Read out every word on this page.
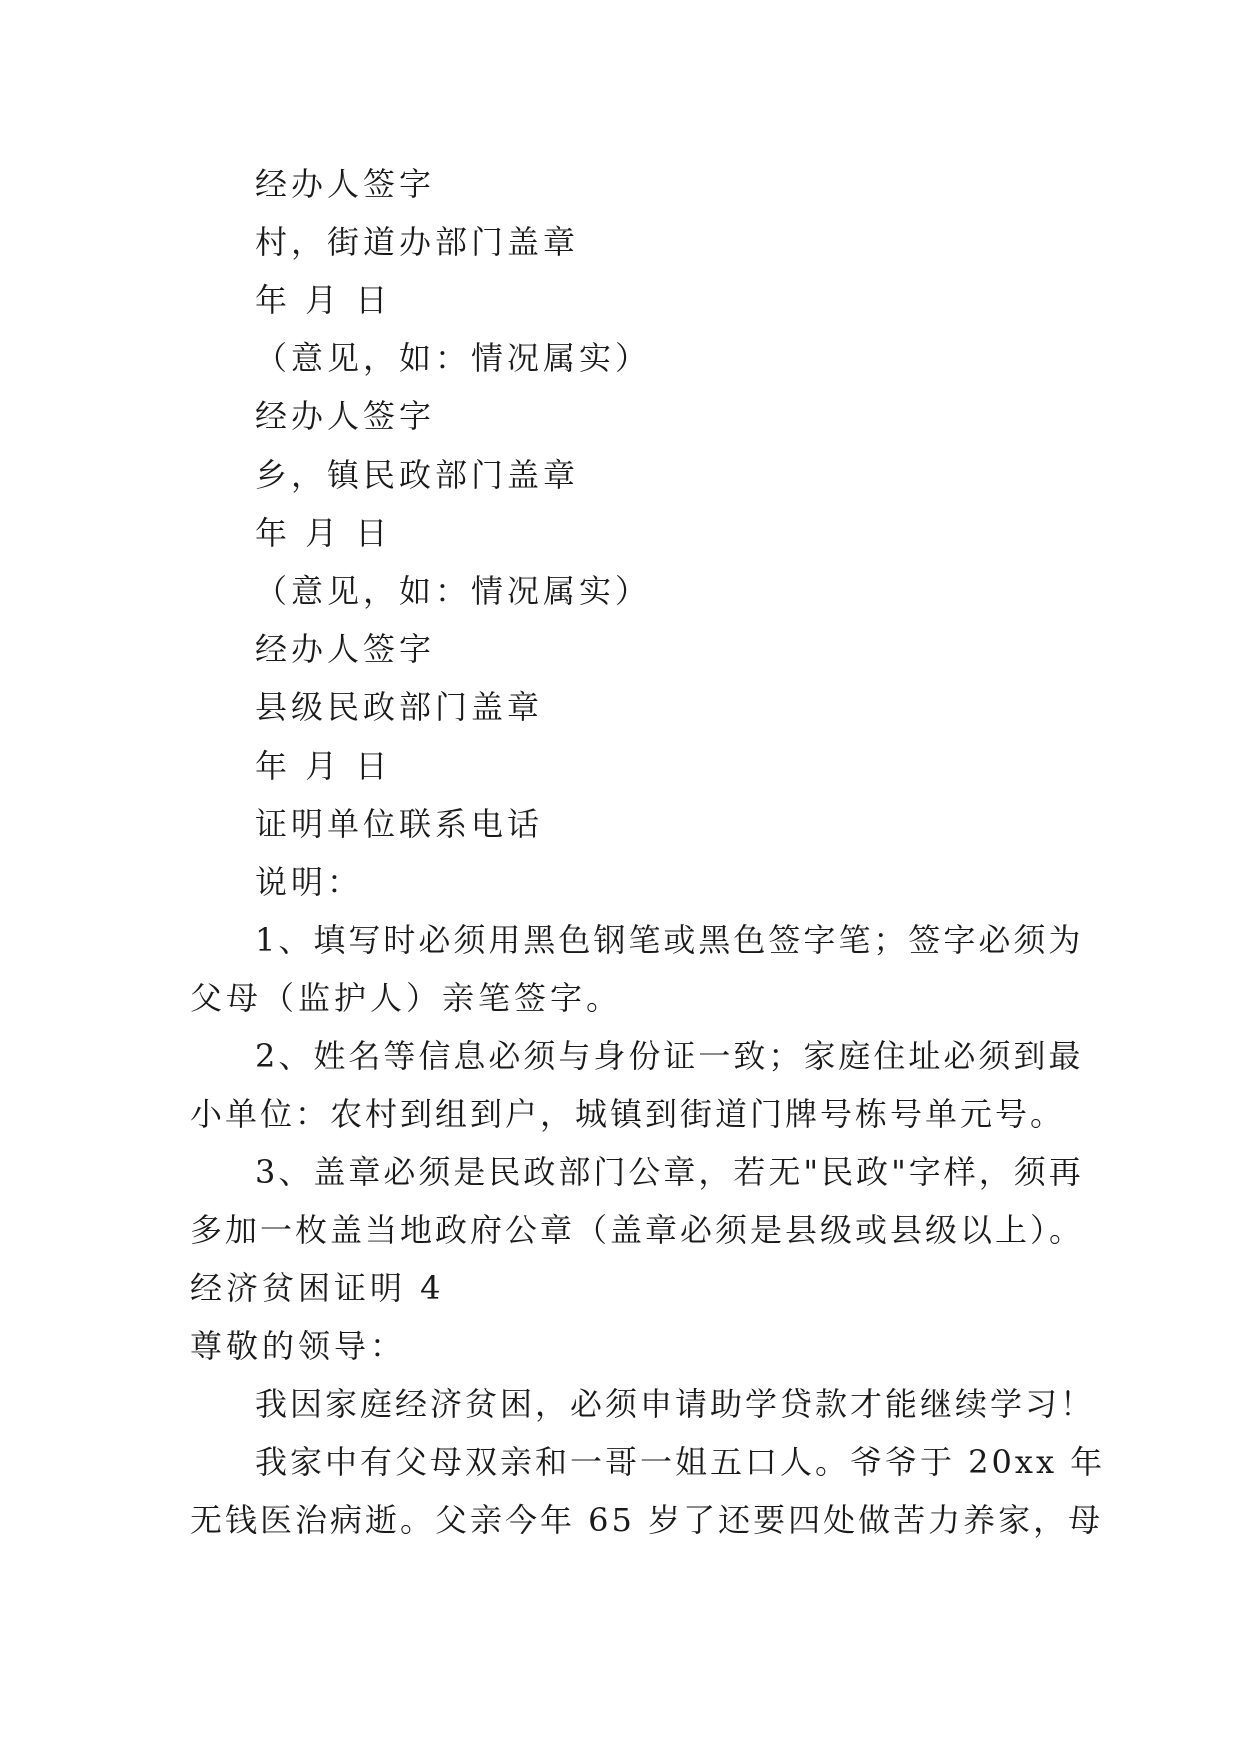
经办人签字
村，街道办部门盖章
年 月 日
（意见，如：情况属实）
经办人签字
乡，镇民政部门盖章
年 月 日
（意见，如：情况属实）
经办人签字
县级民政部门盖章
年 月 日
证明单位联系电话
说明：
1、填写时必须用黑色钢笔或黑色签字笔；签字必须为
父母（监护人）亲笔签字。
2、姓名等信息必须与身份证一致；家庭住址必须到最
小单位：农村到组到户，城镇到街道门牌号栋号单元号。
3、盖章必须是民政部门公章，若无"民政"字样，须再
多加一枚盖当地政府公章（盖章必须是县级或县级以上）。
经济贫困证明 4
尊敬的领导：
我因家庭经济贫困，必须申请助学贷款才能继续学习！
我家中有父母双亲和一哥一姐五口人。爷爷于 20xx 年
无钱医治病逝。父亲今年 65 岁了还要四处做苦力养家，母
